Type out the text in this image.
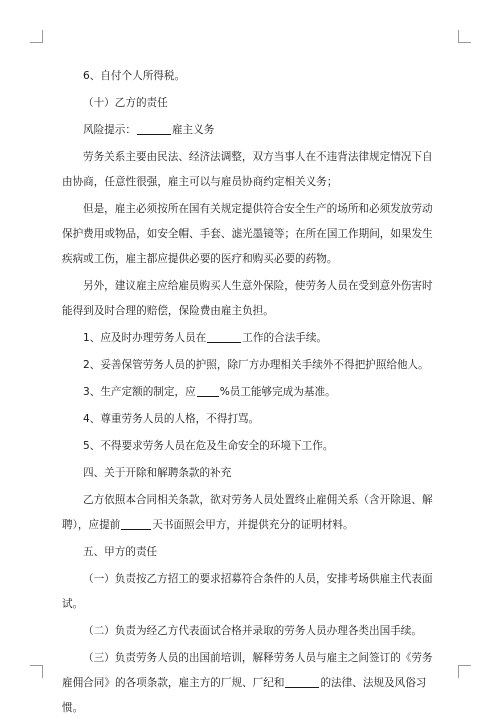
6、自付个人所得税。

（十）乙方的责任

风险提示：	雇主义务

劳务关系主要由民法、经济法调整，双方当事人在不违背法律规定情况下自由协商，任意性很强，雇主可以与雇员协商约定相关义务；

但是，雇主必须按所在国有关规定提供符合安全生产的场所和必须发放劳动保护费用或物品，如安全帽、手套、滤光墨镜等；在所在国工作期间，如果发生疾病或工伤，雇主都应提供必要的医疗和购买必要的药物。

另外，建议雇主应给雇员购买人生意外保险，使劳务人员在受到意外伤害时能得到及时合理的赔偿，保险费由雇主负担。

1、应及时办理劳务人员在	工作的合法手续。

2、妥善保管劳务人员的护照，除厂方办理相关手续外不得把护照给他人。

3、生产定额的制定，应 %员工能够完成为基准。

4、尊重劳务人员的人格，不得打骂。

5、不得要求劳务人员在危及生命安全的环境下工作。

四、关于开除和解聘条款的补充

乙方依照本合同相关条款，欲对劳务人员处置终止雇佣关系（含开除退、解聘），应提前	天书面照会甲方，并提供充分的证明材料。

五、甲方的责任

（一）负责按乙方招工的要求招募符合条件的人员，安排考场供雇主代表面试。

（二）负责为经乙方代表面试合格并录取的劳务人员办理各类出国手续。

（三）负责劳务人员的出国前培训，解释劳务人员与雇主之间签订的《劳务雇佣合同》的各项条款，雇主方的厂规、厂纪和	的法律、法规及风俗习惯。
